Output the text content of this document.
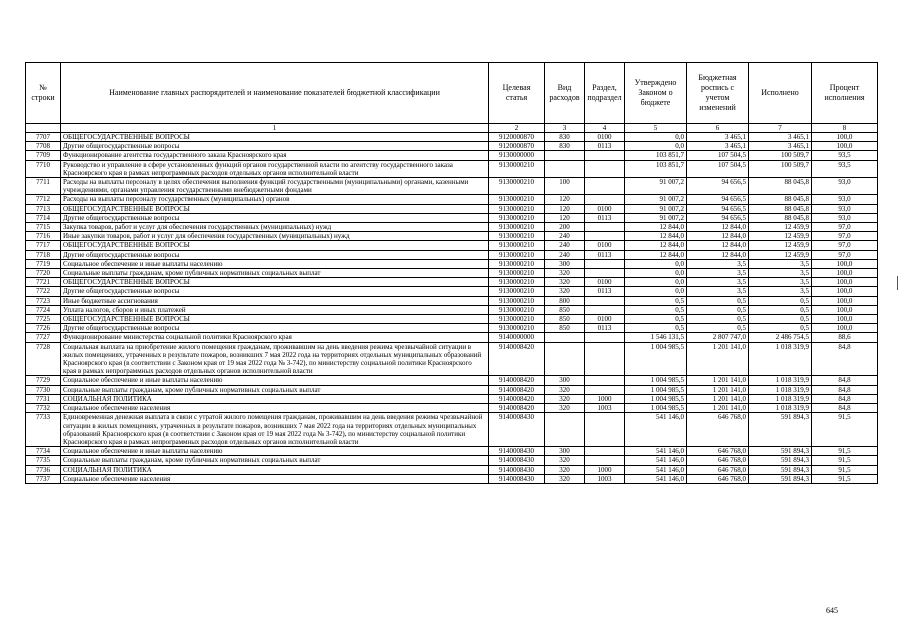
№ строки	Наименование главных распорядителей и наименование показателей бюджетной классификации	Целевая статья	Вид расходов	Раздел, подраздел	Утверждено Законом о бюджете	Бюджетная роспись с учетом изменений	Исполнено	Процент исполнения
	1	2	3	4	5	6	7	8
7707	ОБЩЕГОСУДАРСТВЕННЫЕ ВОПРОСЫ	9120000870	830	0100	0,0	3 465,1	3 465,1	100,0
7708	Другие общегосударственные вопросы	9120000870	830	0113	0,0	3 465,1	3 465,1	100,0
7709	Функционирование агентства государственного заказа Красноярского края	9130000000			103 851,7	107 504,5	100 509,7	93,5
7710	Руководство и управление в сфере установленных функций органов государственной власти по агентству государственного заказа Красноярского края в рамках непрограммных расходов отдельных органов исполнительной власти	9130000210			103 851,7	107 504,5	100 509,7	93,5
7711	Расходы на выплаты персоналу в целях обеспечения выполнения функций государственными (муниципальными) органами, казенными учреждениями, органами управления государственными внебюджетными фондами	9130000210	100		91 007,2	94 656,5	88 045,8	93,0
7712	Расходы на выплаты персоналу государственных (муниципальных) органов	9130000210	120		91 007,2	94 656,5	88 045,8	93,0
7713	ОБЩЕГОСУДАРСТВЕННЫЕ ВОПРОСЫ	9130000210	120	0100	91 007,2	94 656,5	88 045,8	93,0
7714	Другие общегосударственные вопросы	9130000210	120	0113	91 007,2	94 656,5	88 045,8	93,0
7715	Закупка товаров, работ и услуг для обеспечения государственных (муниципальных) нужд	9130000210	200		12 844,0	12 844,0	12 459,9	97,0
7716	Иные закупки товаров, работ и услуг для обеспечения государственных (муниципальных) нужд	9130000210	240		12 844,0	12 844,0	12 459,9	97,0
7717	ОБЩЕГОСУДАРСТВЕННЫЕ ВОПРОСЫ	9130000210	240	0100	12 844,0	12 844,0	12 459,9	97,0
7718	Другие общегосударственные вопросы	9130000210	240	0113	12 844,0	12 844,0	12 459,9	97,0
7719	Социальное обеспечение и иные выплаты населению	9130000210	300		0,0	3,5	3,5	100,0
7720	Социальные выплаты гражданам, кроме публичных нормативных социальных выплат	9130000210	320		0,0	3,5	3,5	100,0
7721	ОБЩЕГОСУДАРСТВЕННЫЕ ВОПРОСЫ	9130000210	320	0100	0,0	3,5	3,5	100,0
7722	Другие общегосударственные вопросы	9130000210	320	0113	0,0	3,5	3,5	100,0
7723	Иные бюджетные ассигнования	9130000210	800		0,5	0,5	0,5	100,0
7724	Уплата налогов, сборов и иных платежей	9130000210	850		0,5	0,5	0,5	100,0
7725	ОБЩЕГОСУДАРСТВЕННЫЕ ВОПРОСЫ	9130000210	850	0100	0,5	0,5	0,5	100,0
7726	Другие общегосударственные вопросы	9130000210	850	0113	0,5	0,5	0,5	100,0
7727	Функционирование министерства социальной политики Красноярского края	9140000000			1 546 131,5	2 807 747,0	2 486 754,5	88,6
7728	Социальная выплата на приобретение жилого помещения гражданам, проживавшим на день введения режима чрезвычайной ситуации в жилых помещениях, утраченных в результате пожаров, возникших 7 мая 2022 года на территориях отдельных муниципальных образований Красноярского края (в соответствии с Законом края от 19 мая 2022 года № 3-742), по министерству социальной политики Красноярского края в рамках непрограммных расходов отдельных органов исполнительной власти	9140008420			1 004 985,5	1 201 141,0	1 018 319,9	84,8
7729	Социальное обеспечение и иные выплаты населению	9140008420	300		1 004 985,5	1 201 141,0	1 018 319,9	84,8
7730	Социальные выплаты гражданам, кроме публичных нормативных социальных выплат	9140008420	320		1 004 985,5	1 201 141,0	1 018 319,9	84,8
7731	СОЦИАЛЬНАЯ ПОЛИТИКА	9140008420	320	1000	1 004 985,5	1 201 141,0	1 018 319,9	84,8
7732	Социальное обеспечение населения	9140008420	320	1003	1 004 985,5	1 201 141,0	1 018 319,9	84,8
7733	Единовременная денежная выплата в связи с утратой жилого помещения гражданам, проживавшим на день введения режима чрезвычайной ситуации в жилых помещениях, утраченных в результате пожаров, возникших 7 мая 2022 года на территориях отдельных муниципальных образований Красноярского края (в соответствии с Законом края от 19 мая 2022 года № 3-742), по министерству социальной политики Красноярского края в рамках непрограммных расходов отдельных органов исполнительной власти	9140008430			541 146,0	646 768,0	591 894,3	91,5
7734	Социальное обеспечение и иные выплаты населению	9140008430	300		541 146,0	646 768,0	591 894,3	91,5
7735	Социальные выплаты гражданам, кроме публичных нормативных социальных выплат	9140008430	320		541 146,0	646 768,0	591 894,3	91,5
7736	СОЦИАЛЬНАЯ ПОЛИТИКА	9140008430	320	1000	541 146,0	646 768,0	591 894,3	91,5
7737	Социальное обеспечение населения	9140008430	320	1003	541 146,0	646 768,0	591 894,3	91,5
645
